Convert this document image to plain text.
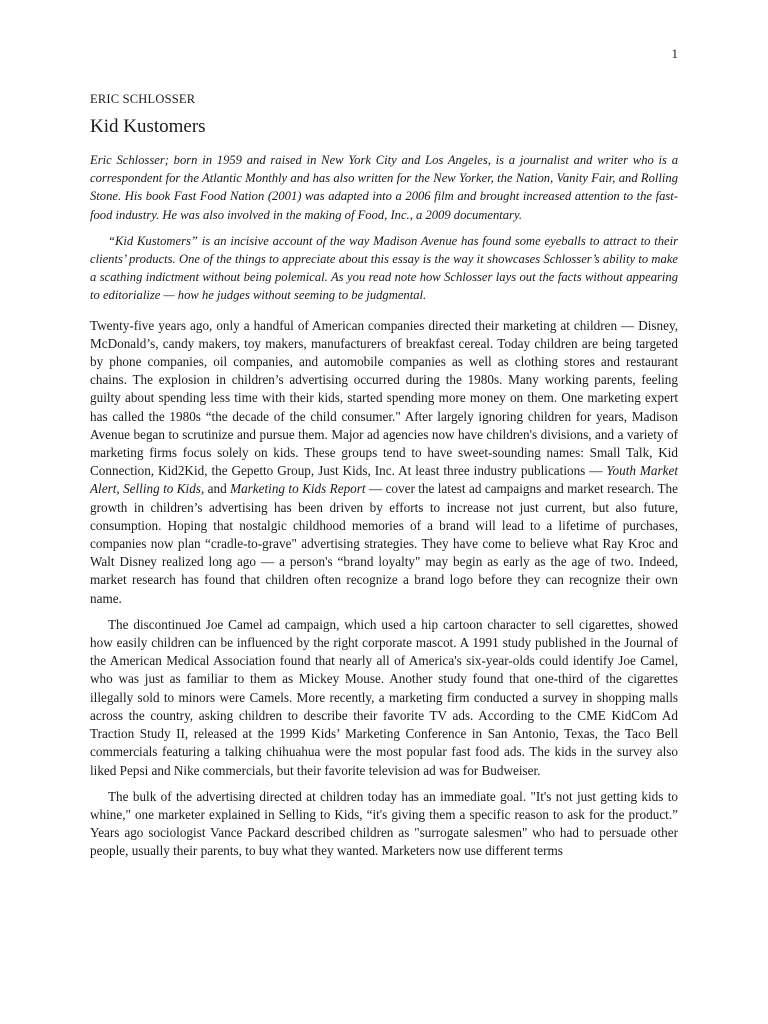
1
ERIC SCHLOSSER
Kid Kustomers

Eric Schlosser; born in 1959 and raised in New York City and Los Angeles, is a journalist and writer who is a correspondent for the Atlantic Monthly and has also written for the New Yorker, the Nation, Vanity Fair, and Rolling Stone. His book Fast Food Nation (2001) was adapted into a 2006 film and brought increased attention to the fast-food industry. He was also involved in the making of Food, Inc., a 2009 documentary.

“Kid Kustomers” is an incisive account of the way Madison Avenue has found some eyeballs to attract to their clients’ products. One of the things to appreciate about this essay is the way it showcases Schlosser’s ability to make a scathing indictment without being polemical. As you read note how Schlosser lays out the facts without appearing to editorialize — how he judges without seeming to be judgmental.

Twenty-five years ago, only a handful of American companies directed their marketing at children — Disney, McDonald’s, candy makers, toy makers, manufacturers of breakfast cereal. Today children are being targeted by phone companies, oil companies, and automobile companies as well as clothing stores and restaurant chains. The explosion in children’s advertising occurred during the 1980s. Many working parents, feeling guilty about spending less time with their kids, started spending more money on them. One marketing expert has called the 1980s “the decade of the child consumer." After largely ignoring children for years, Madison Avenue began to scrutinize and pursue them. Major ad agencies now have children's divisions, and a variety of marketing firms focus solely on kids. These groups tend to have sweet-sounding names: Small Talk, Kid Connection, Kid2Kid, the Gepetto Group, Just Kids, Inc. At least three industry publications — Youth Market Alert, Selling to Kids, and Marketing to Kids Report — cover the latest ad campaigns and market research. The growth in children’s advertising has been driven by efforts to increase not just current, but also future, consumption. Hoping that nostalgic childhood memories of a brand will lead to a lifetime of purchases, companies now plan “cradle-to-grave" advertising strategies. They have come to believe what Ray Kroc and Walt Disney realized long ago — a person's “brand loyalty" may begin as early as the age of two. Indeed, market research has found that children often recognize a brand logo before they can recognize their own name.

The discontinued Joe Camel ad campaign, which used a hip cartoon character to sell cigarettes, showed how easily children can be influenced by the right corporate mascot. A 1991 study published in the Journal of the American Medical Association found that nearly all of America's six-year-olds could identify Joe Camel, who was just as familiar to them as Mickey Mouse. Another study found that one-third of the cigarettes illegally sold to minors were Camels. More recently, a marketing firm conducted a survey in shopping malls across the country, asking children to describe their favorite TV ads. According to the CME KidCom Ad Traction Study II, released at the 1999 Kids’ Marketing Conference in San Antonio, Texas, the Taco Bell commercials featuring a talking chihuahua were the most popular fast food ads. The kids in the survey also liked Pepsi and Nike commercials, but their favorite television ad was for Budweiser.

The bulk of the advertising directed at children today has an immediate goal. "It's not just getting kids to whine," one marketer explained in Selling to Kids, “it's giving them a specific reason to ask for the product.” Years ago sociologist Vance Packard described children as "surrogate salesmen" who had to persuade other people, usually their parents, to buy what they wanted. Marketers now use different terms
